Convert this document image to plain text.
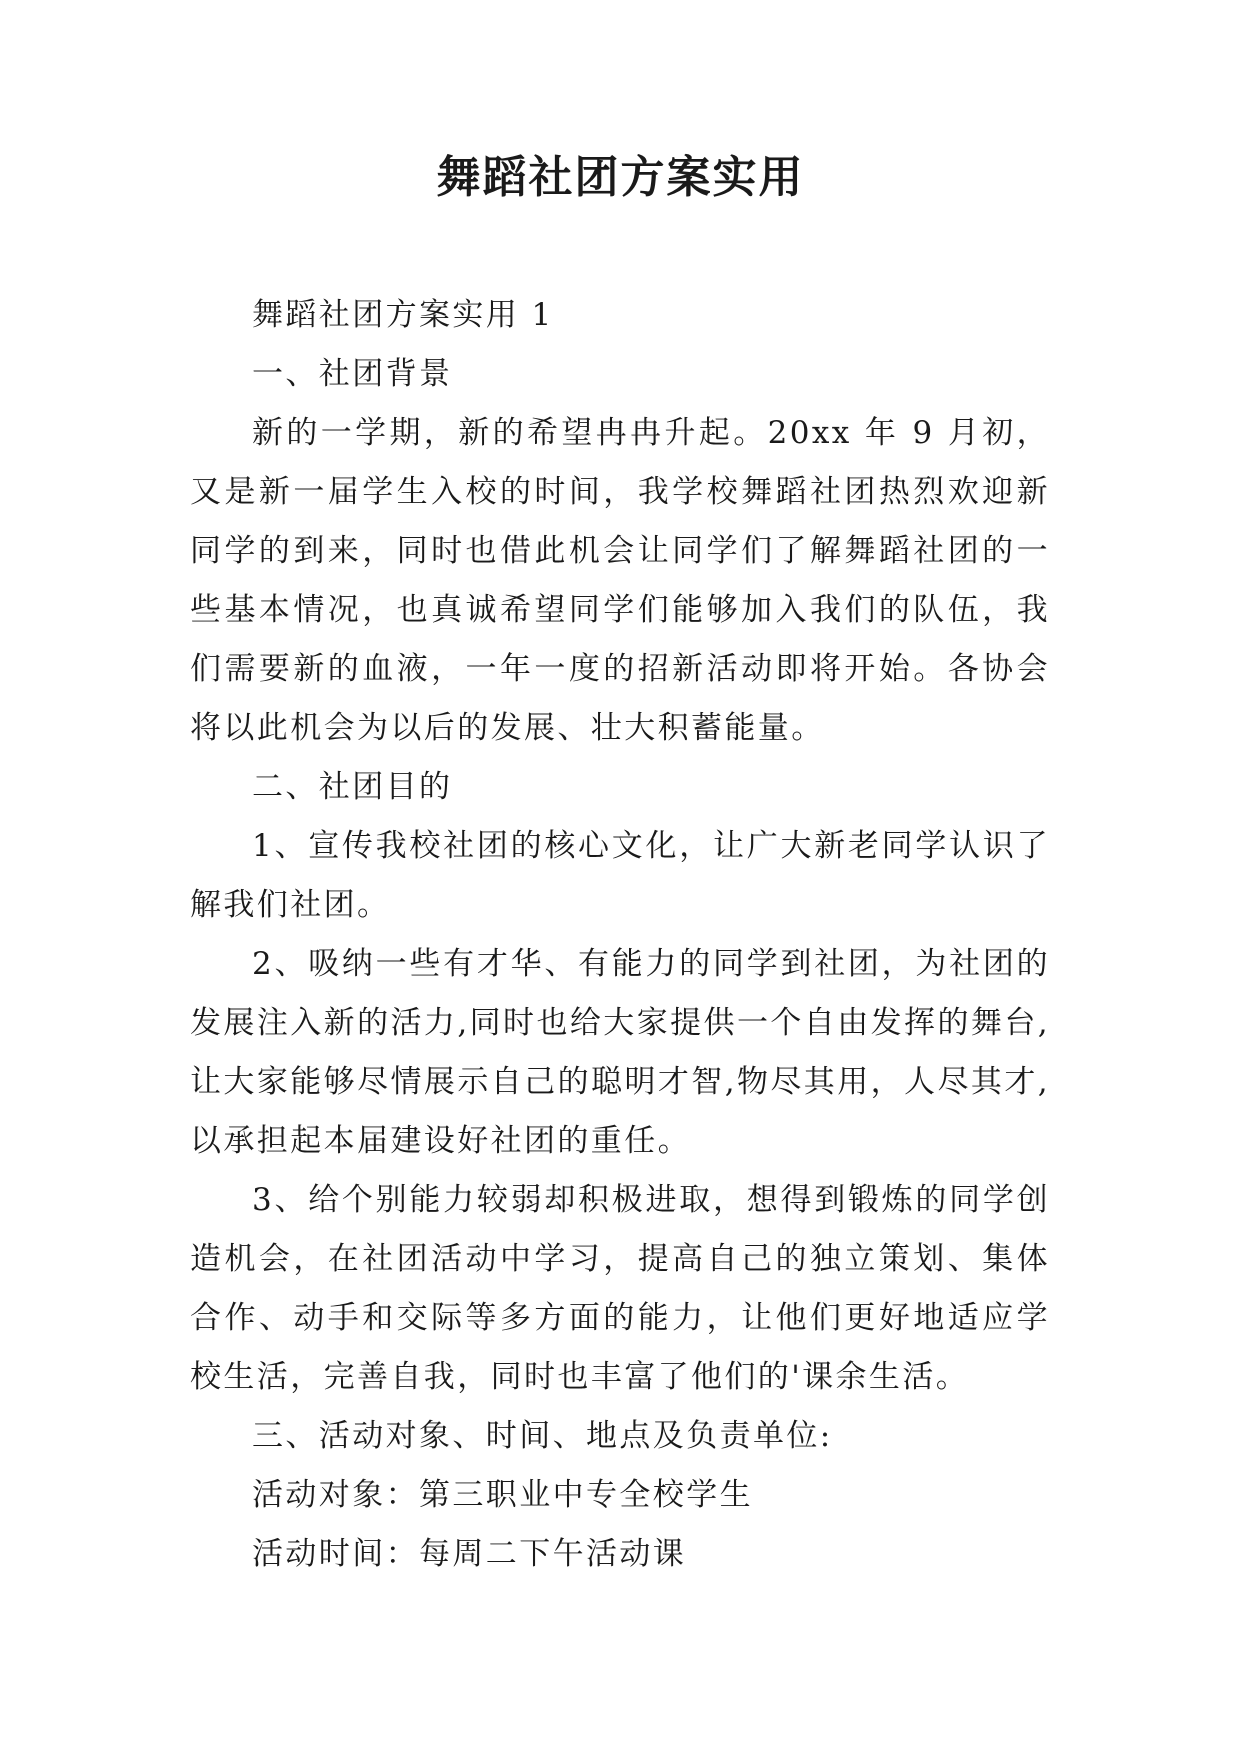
舞蹈社团方案实用

舞蹈社团方案实用 1

一、社团背景

新的一学期，新的希望冉冉升起。20xx 年 9 月初，又是新一届学生入校的时间，我学校舞蹈社团热烈欢迎新同学的到来，同时也借此机会让同学们了解舞蹈社团的一些基本情况，也真诚希望同学们能够加入我们的队伍，我们需要新的血液，一年一度的招新活动即将开始。各协会将以此机会为以后的发展、壮大积蓄能量。

二、社团目的

1、宣传我校社团的核心文化，让广大新老同学认识了解我们社团。

2、吸纳一些有才华、有能力的同学到社团，为社团的发展注入新的活力,同时也给大家提供一个自由发挥的舞台,让大家能够尽情展示自己的聪明才智,物尽其用，人尽其才,以承担起本届建设好社团的重任。

3、给个别能力较弱却积极进取，想得到锻炼的同学创造机会，在社团活动中学习，提高自己的独立策划、集体合作、动手和交际等多方面的能力，让他们更好地适应学校生活，完善自我，同时也丰富了他们的'课余生活。

三、活动对象、时间、地点及负责单位:

活动对象：第三职业中专全校学生

活动时间：每周二下午活动课
